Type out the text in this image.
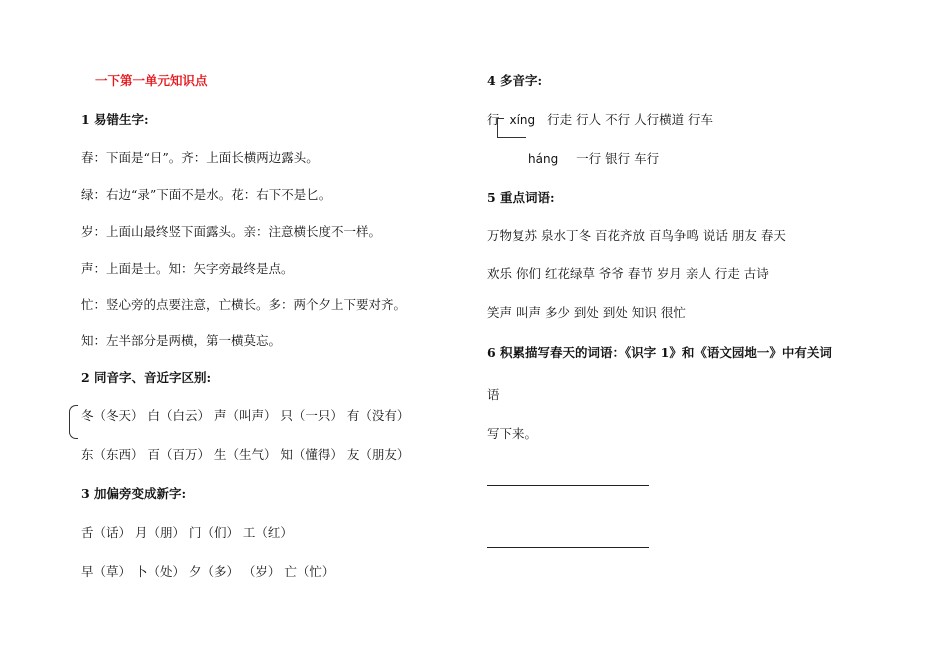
一下第一单元知识点
1 易错生字:
春：下面是“日”。齐：上面长横两边露头。
绿：右边“录”下面不是水。花：右下不是匕。
岁：上面山最终竖下面露头。亲：注意横长度不一样。
声：上面是士。知：矢字旁最终是点。
忙：竖心旁的点要注意，亡横长。多：两个夕上下要对齐。
知：左半部分是两横，第一横莫忘。
2 同音字、音近字区别:
冬（冬天） 白（白云） 声（叫声） 只（一只） 有（没有）
东（东西） 百（百万） 生（生气） 知（懂得） 友（朋友）
3 加偏旁变成新字:
舌（话） 月（朋） 门（们） 工（红）
早（草） 卜（处） 夕（多） （岁） 亡（忙）
4 多音字:
行 xíng 行走 行人 不行 人行横道 行车
háng 一行 银行 车行
5 重点词语:
万物复苏 泉水丁冬 百花齐放 百鸟争鸣 说话 朋友 春天
欢乐 你们 红花绿草 爷爷 春节 岁月 亲人 行走 古诗
笑声 叫声 多少 到处 到处 知识 很忙
6 积累描写春天的词语：《识字 1》和《语文园地一》中有关词
语
写下来。
